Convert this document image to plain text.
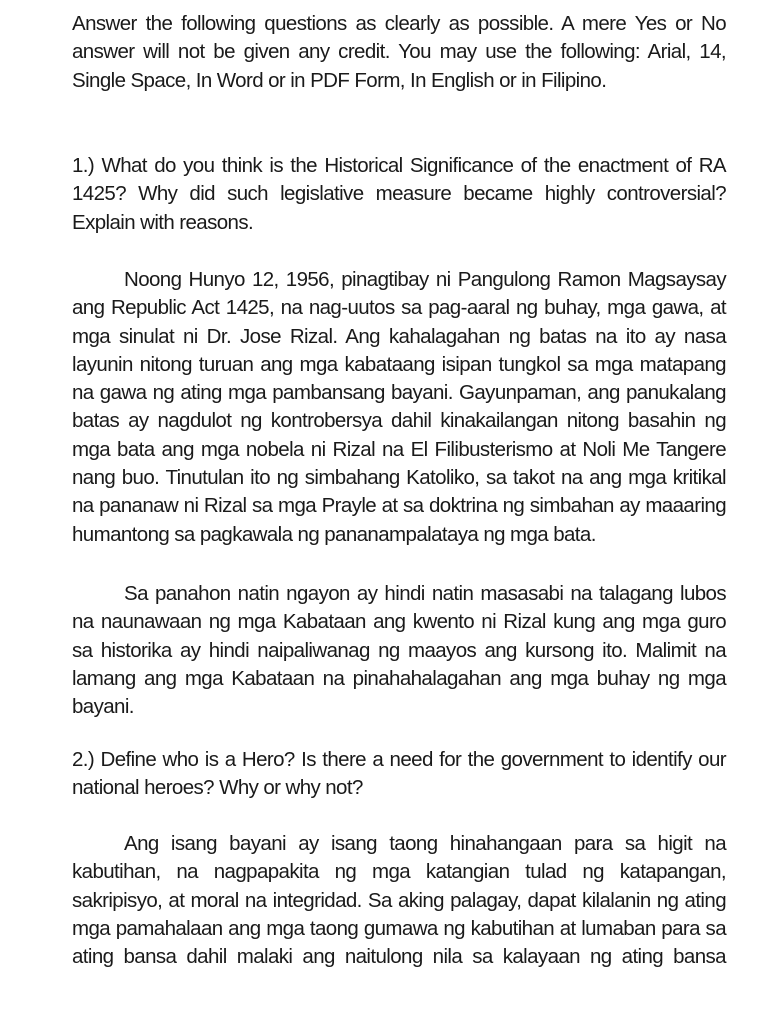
Answer the following questions as clearly as possible. A mere Yes or No
answer will not be given any credit. You may use the following: Arial, 14,
Single Space, In Word or in PDF Form, In English or in Filipino.
1.) What do you think is the Historical Significance of the enactment of RA
1425? Why did such legislative measure became highly controversial?
Explain with reasons.
Noong Hunyo 12, 1956, pinagtibay ni Pangulong Ramon Magsaysay
ang Republic Act 1425, na nag-uutos sa pag-aaral ng buhay, mga gawa, at
mga sinulat ni Dr. Jose Rizal. Ang kahalagahan ng batas na ito ay nasa
layunin nitong turuan ang mga kabataang isipan tungkol sa mga matapang
na gawa ng ating mga pambansang bayani. Gayunpaman, ang panukalang
batas ay nagdulot ng kontrobersya dahil kinakailangan nitong basahin ng
mga bata ang mga nobela ni Rizal na El Filibusterismo at Noli Me Tangere
nang buo. Tinutulan ito ng simbahang Katoliko, sa takot na ang mga kritikal
na pananaw ni Rizal sa mga Prayle at sa doktrina ng simbahan ay maaaring
humantong sa pagkawala ng pananampalataya ng mga bata.
Sa panahon natin ngayon ay hindi natin masasabi na talagang lubos
na naunawaan ng mga Kabataan ang kwento ni Rizal kung ang mga guro
sa historika ay hindi naipaliwanag ng maayos ang kursong ito. Malimit na
lamang ang mga Kabataan na pinahahalagahan ang mga buhay ng mga
bayani.
2.) Define who is a Hero? Is there a need for the government to identify our
national heroes? Why or why not?
Ang isang bayani ay isang taong hinahangaan para sa higit na
kabutihan, na nagpapakita ng mga katangian tulad ng katapangan,
sakripisyo, at moral na integridad. Sa aking palagay, dapat kilalanin ng ating
mga pamahalaan ang mga taong gumawa ng kabutihan at lumaban para sa
ating bansa dahil malaki ang naitulong nila sa kalayaan ng ating bansa
